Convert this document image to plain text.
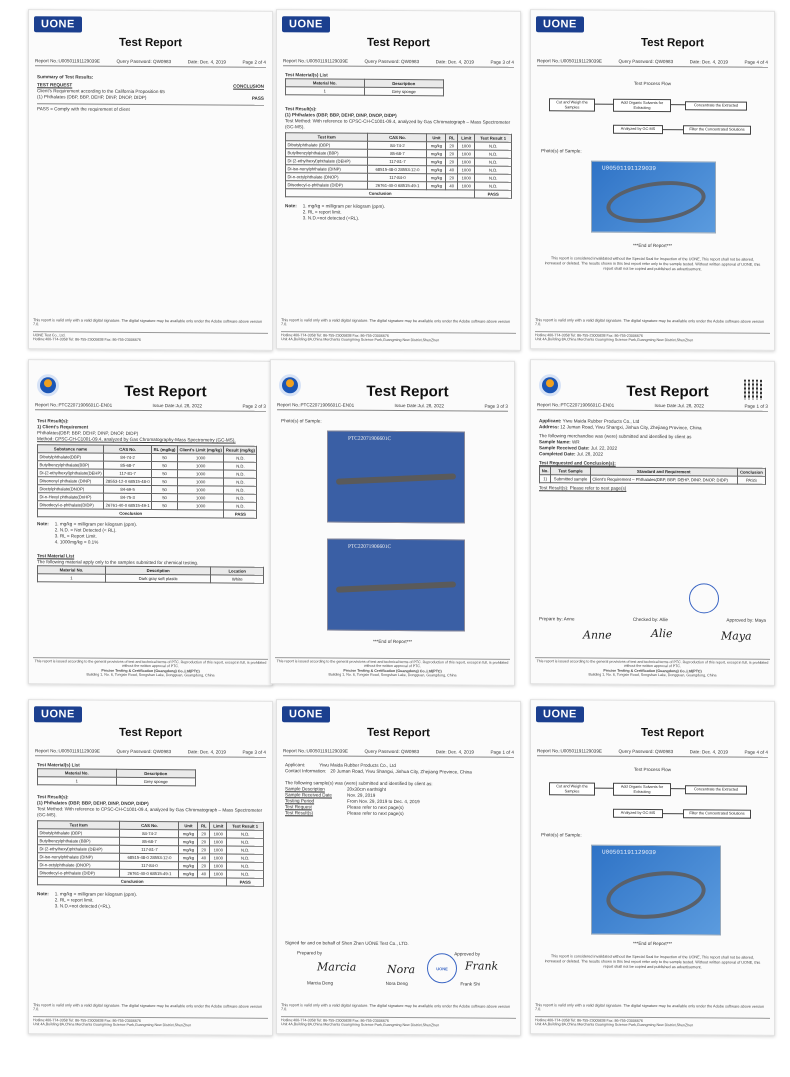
UONE
Test Report
Report No.:U00501191129039E	Query Password: QW0983	Date: Dec. 4, 2019	Page 2 of 4
Summary of Test Results:
TEST REQUEST	CONCLUSION
Client's Requirement according to the California Proposition 65
(1) Phthalates (DBP, BBP, DEHP, DINP, DNOP, DIDP)	PASS
PASS = Comply with the requirement of client
This report is valid only with a valid digital signature. The digital signature may be available only under the Adobe software above version 7.0.
UONE Test Co., Ltd.
Hotline:400-774-3358 Tel: 86-755-23005838 Fax: 86-755-23006676
UONE
Test Report
Report No.:U00501191129039E	Query Password: QW0983	Date: Dec. 4, 2019	Page 3 of 4
Test Material(s) List
Material No.	Description
1	Grey sponge
Test Result(s):
(1) Phthalates (DBP, BBP, DEHP, DINP, DNOP, DIDP)
Test Method: With reference to CPSC-CH-C1001-09.4, analyzed by Gas Chromatograph – Mass Spectrometer (GC-MS).
Test Item	CAS No.	Unit	RL	Limit	Test Result 1
Dibutylphthalate (DBP)	84-74-2	mg/kg	20	1000	N.D.
Butylbenzylphthalate (BBP)	85-68-7	mg/kg	20	1000	N.D.
Di (2-ethylhexyl)phthalate (DEHP)	117-81-7	mg/kg	20	1000	N.D.
Di-iso-nonylphthalate (DINP)	68515-48-0 28553-12-0	mg/kg	40	1000	N.D.
Di-n-octylphthalate (DNOP)	117-84-0	mg/kg	20	1000	N.D.
Diisodecyl-o-phthalate (DIDP)	26761-40-0 68515-49-1	mg/kg	40	1000	N.D.
Conclusion					PASS
Note: 1. mg/kg = milligram per kilogram (ppm).
2. RL = report limit.
3. N.D.=not detected (<RL).
This report is valid only with a valid digital signature. The digital signature may be available only under the Adobe software above version 7.0.
Hotline:400-774-3358 Tel: 86-755-23005838 Fax: 86-755-23006676
Unit 4A,Building 8A,China Merchants Guangming Science Park,Guangming New District,ShenZhen
UONE
Test Report
Report No.:U00501191129039E	Query Password: QW0983	Date: Dec. 4, 2019	Page 4 of 4
Test Process Flow
Cut and Weigh the Samples
Add Organic Solvents for Extracting	Concentrate the Extracted
Analyzed by GC-MS	Filter the Concentrated Solutions
Photo(s) of Sample:
U00501191129039
***End of Report***
This report is considered invalidated without the Special Seal for Inspection of the UONE, This report shall not be altered, increased or deleted. The results shown in this test report refer only to the sample tested. Without written approval of UONE, this report shall not be copied and published as advertisement.
This report is valid only with a valid digital signature. The digital signature may be available only under the Adobe software above version 7.0.
Hotline:400-774-3358 Tel: 86-755-23005838 Fax: 86-755-23006676
Unit 4A,Building 8A,China Merchants Guangming Science Park,Guangming New District,ShenZhen
Test Report
Report No.:PTC22071906601C-EN01	Issue Date:Jul. 28, 2022	Page 2 of 3
Test Result(s):
1) Client's Requirement
Phthalates(DBP, BBP, DEHP, DINP, DNOP, DIDP)
Method: CPSC-CH-C1001-09.4, analyzed by Gas Chromatography-Mass Spectrometry (GC-MS).
Substance name	CAS No.	RL (mg/kg)	Client's Limit (mg/kg)	Result (mg/kg)
Dibutylphthalate(DBP)	84-74-2	50	1000	N.D.
Butylbenzylphthalate(BBP)	85-68-7	50	1000	N.D.
Di-(2-ethylhexyl)phthalate(DEHP)	117-81-7	50	1000	N.D.
Diisononyl phthalate (DINP)	28553-12-0 68515-48-0	50	1000	N.D.
Dioctylphthalate(DNOP)	84-69-5	50	1000	N.D.
Di-n-Hexyl phthalate(DnHP)	84-75-3	50	1000	N.D.
Diisodecyl-o-phthalate(DIDP)	26761-40-0 68515-49-1	50	1000	N.D.
Conclusion				PASS
Note: 1. mg/kg = milligram per kilogram (ppm).
2. N.D. = Not Detected (< RL).
3. RL = Report Limit.
4. 1000mg/kg = 0.1%
Test Material List
The following material apply only to the samples submitted for chemical testing.
Material No.	Description	Location
1	Dark gray soft plastic	White
This report is issued according to the general provisions of test and technical terms of PTC. Reproduction of this report, except in full, is prohibited without the written approval of PTC.
Precise Testing & Certification (Guangdong) Co.,Ltd(PTC)
Building 1, No. 6, Tongxin Road, Songshan Lake, Dongguan, Guangdong, China
Test Report
Report No.:PTC22071906601C-EN01	Issue Date:Jul. 28, 2022	Page 3 of 3
Photo(s) of Sample:
PTC22071906601C
PTC22071906601C
***End of Report***
This report is issued according to the general provisions of test and technical terms of PTC. Reproduction of this report, except in full, is prohibited without the written approval of PTC.
Precise Testing & Certification (Guangdong) Co.,Ltd(PTC)
Building 1, No. 6, Tongxin Road, Songshan Lake, Dongguan, Guangdong, China
Test Report
Report No.:PTC22071906601C-EN01	Issue Date:Jul. 28, 2022	Page 1 of 3
Applicant: Yiwu Maida Rubber Products Co., Ltd
Address: 12 Juman Road, Yiwu Shangxi, Jinhua City, Zhejiang Province, China
The following merchandise was (were) submitted and identified by client as
Sample Name: WR
Sample Received Date: Jul. 22, 2022
Completed Date: Jul. 28, 2022
Test Requested and Conclusion(s):
No.	Test Sample	Standard and Requirement	Conclusion
1)	Submitted sample	Client's Requirement – Phthalates(DBP, BBP, DEHP, DINP, DNOP, DIDP)	PASS
Test Result(s): Please refer to next page(s)
Prepare by: Anne	Checked by: Allie	Approved by: Maya
Anne	Alie	Maya
This report is issued according to the general provisions of test and technical terms of PTC. Reproduction of this report, except in full, is prohibited without the written approval of PTC.
Precise Testing & Certification (Guangdong) Co.,Ltd(PTC)
Building 1, No. 6, Tongxin Road, Songshan Lake, Dongguan, Guangdong, China
UONE
Test Report
Report No.:U00501191129039E	Query Password: QW0983	Date: Dec. 4, 2019	Page 3 of 4
Test Material(s) List
Material No.	Description
1	Grey sponge
Test Result(s):
(1) Phthalates (DBP, BBP, DEHP, DINP, DNOP, DIDP)
Test Method: With reference to CPSC-CH-C1001-09.4, analyzed by Gas Chromatograph – Mass Spectrometer (GC-MS).
Test Item	CAS No.	Unit	RL	Limit	Test Result 1
Dibutylphthalate (DBP)	84-74-2	mg/kg	20	1000	N.D.
Butylbenzylphthalate (BBP)	85-68-7	mg/kg	20	1000	N.D.
Di (2-ethylhexyl)phthalate (DEHP)	117-81-7	mg/kg	20	1000	N.D.
Di-iso-nonylphthalate (DINP)	68515-48-0 28553-12-0	mg/kg	40	1000	N.D.
Di-n-octylphthalate (DNOP)	117-84-0	mg/kg	20	1000	N.D.
Diisodecyl-o-phthalate (DIDP)	26761-40-0 68515-49-1	mg/kg	40	1000	N.D.
Conclusion					PASS
Note: 1. mg/kg = milligram per kilogram (ppm).
2. RL = report limit.
3. N.D.=not detected (<RL).
This report is valid only with a valid digital signature. The digital signature may be available only under the Adobe software above version 7.0.
Hotline:400-774-3358 Tel: 86-755-23005838 Fax: 86-755-23006676
Unit 4A,Building 8A,China Merchants Guangming Science Park,Guangming New District,ShenZhen
UONE
Test Report
Report No.:U00501191129039E	Query Password: QW0983	Date: Dec. 4, 2019	Page 1 of 4
Applicant:	Yiwu Maida Rubber Products Co., Ltd
Contact Information: 20 Juman Road, Yiwu Shangxi, Jinhua City, Zhejiang Province, China
The following sample(s) was (were) submitted and identified by client as:
Sample Description	20x30cm earthtight
Sample Received Date	Nov. 29, 2019
Testing Period	From Nov. 29, 2019 to Dec. 4, 2019
Test Request	Please refer to next page(s)
Test Result(s)	Please refer to next page(s)
Signed for and on behalf of Shen Zhen UONE Test Co., LTD.
Prepared by	Approved by
Marcia	Nora	Frank
UONE
Marcia Deng	Nora Deng	Frank Shi
This report is valid only with a valid digital signature. The digital signature may be available only under the Adobe software above version 7.0.
Hotline:400-774-3358 Tel: 86-755-23005838 Fax: 86-755-23006676
Unit 4A,Building 8A,China Merchants Guangming Science Park,Guangming New District,ShenZhen
UONE
Test Report
Report No.:U00501191129039E	Query Password: QW0983	Date: Dec. 4, 2019	Page 4 of 4
Test Process Flow
Cut and Weigh the Samples
Add Organic Solvents for Extracting	Concentrate the Extracted
Analyzed by GC-MS	Filter the Concentrated Solutions
Photo(s) of Sample:
U00501191129039
***End of Report***
This report is considered invalidated without the Special Seal for Inspection of the UONE, This report shall not be altered, increased or deleted. The results shown in this test report refer only to the sample tested. Without written approval of UONE, this report shall not be copied and published as advertisement.
This report is valid only with a valid digital signature. The digital signature may be available only under the Adobe software above version 7.0.
Hotline:400-774-3358 Tel: 86-755-23005838 Fax: 86-755-23006676
Unit 4A,Building 8A,China Merchants Guangming Science Park,Guangming New District,ShenZhen
